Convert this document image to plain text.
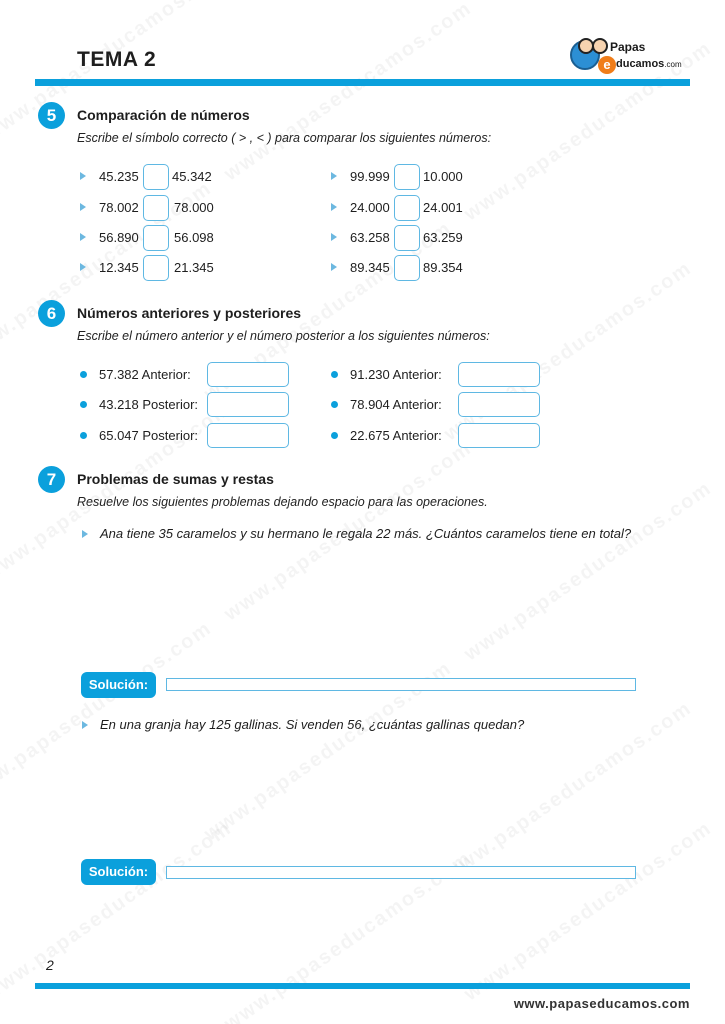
TEMA 2	e
Papas
ducamos.com
5	Comparación de números
Escribe el símbolo correcto ( > , < ) para comparar los siguientes números:
45.235	45.342
78.002	78.000
56.890	56.098
12.345	21.345
99.999	10.000
24.000	24.001
63.258	63.259
89.345	89.354
6	Números anteriores y posteriores
Escribe el número anterior y el número posterior a los siguientes números:
57.382 Anterior:
43.218 Posterior:
65.047 Posterior:
91.230 Anterior:
78.904 Anterior:
22.675 Anterior:
7	Problemas de sumas y restas
Resuelve los siguientes problemas dejando espacio para las operaciones.
Ana tiene 35 caramelos y su hermano le regala 22 más. ¿Cuántos caramelos tiene en total?
Solución:
En una granja hay 125 gallinas. Si venden 56, ¿cuántas gallinas quedan?
Solución:
2
www.papaseducamos.com
